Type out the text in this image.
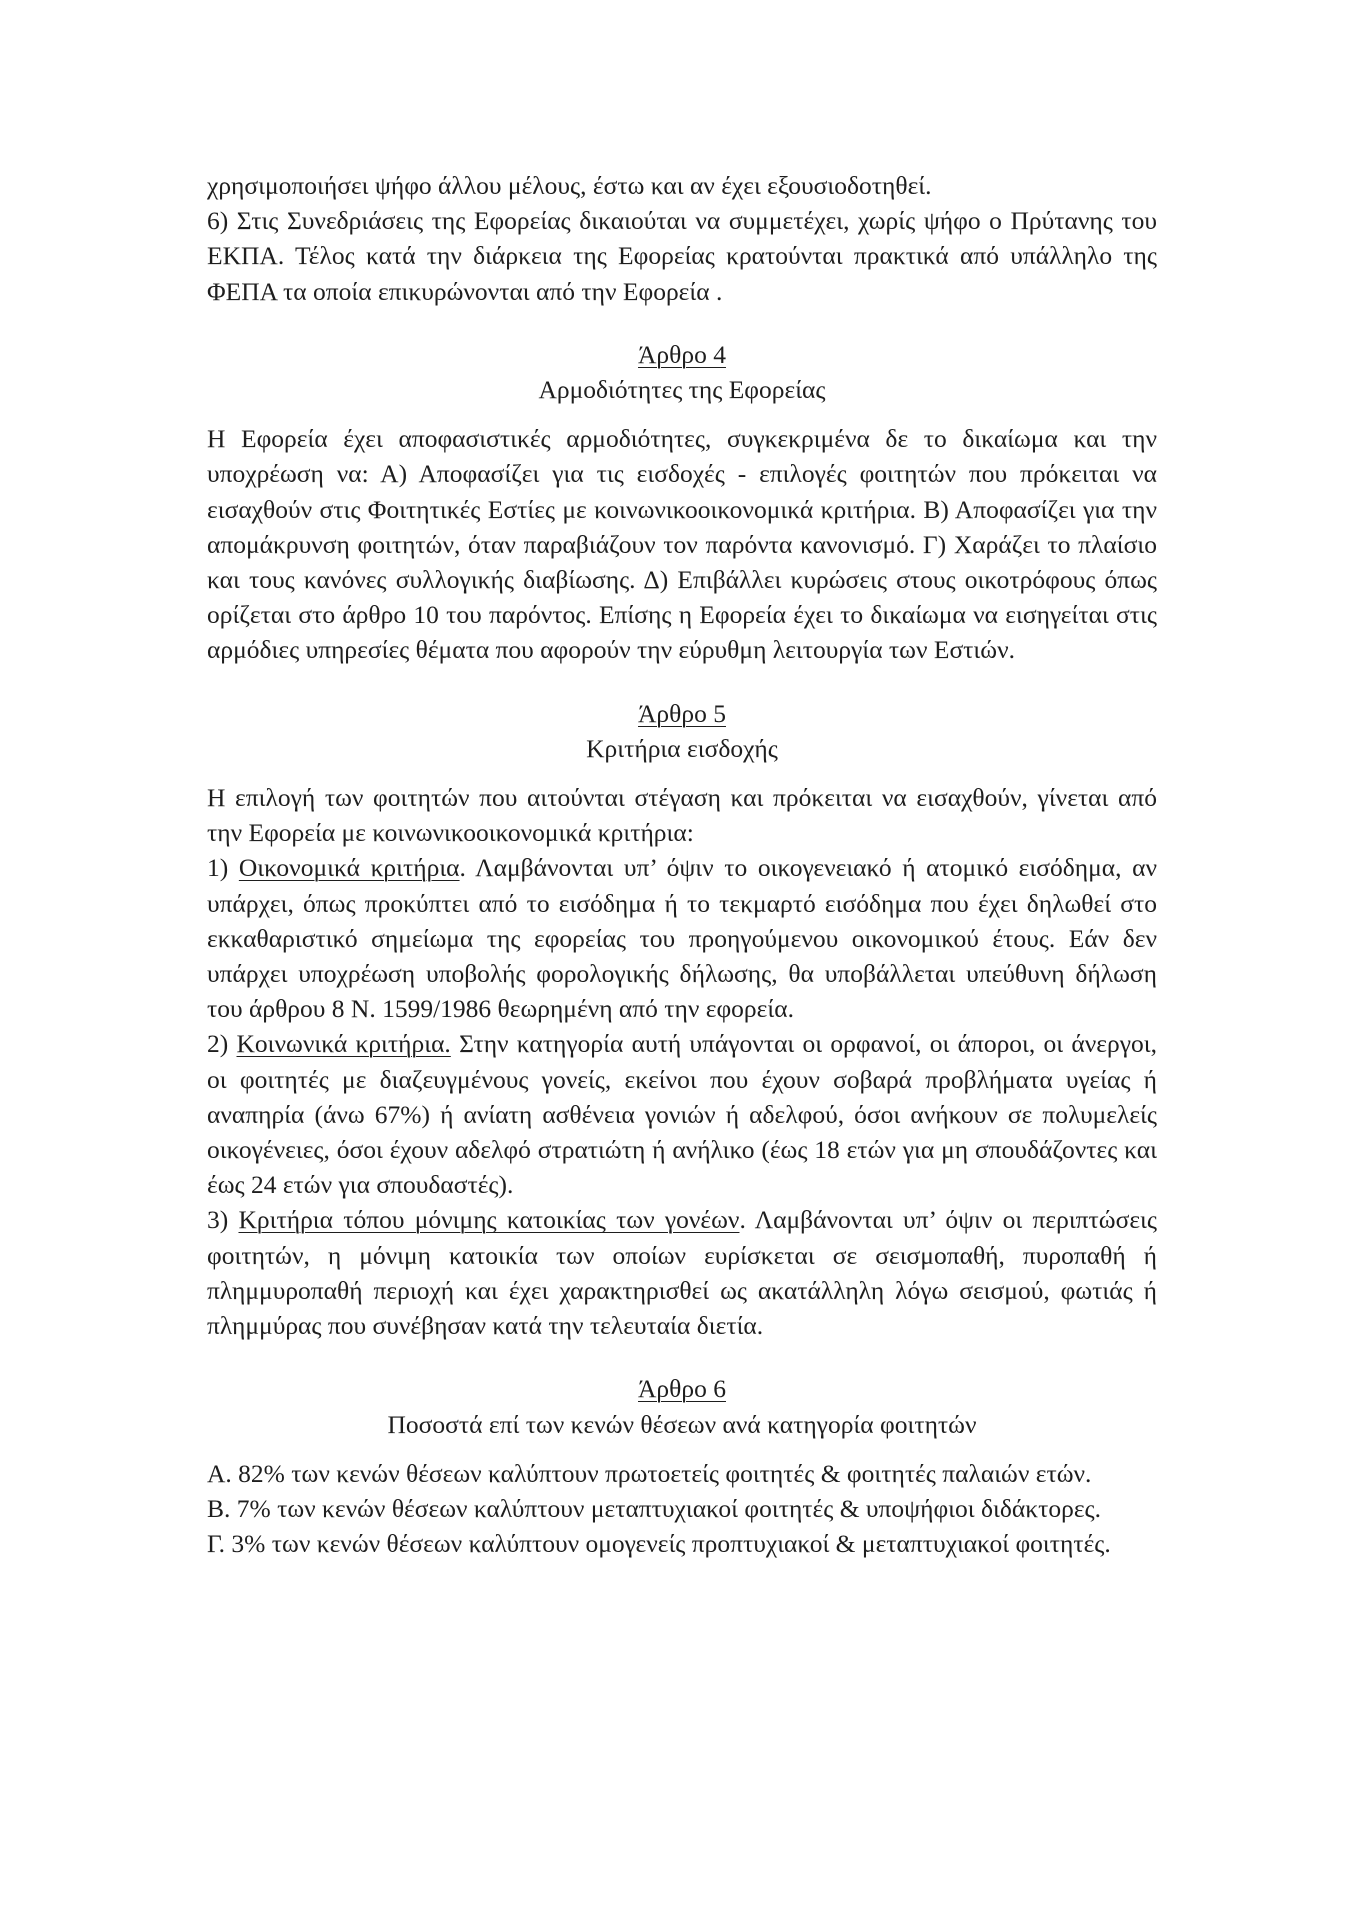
χρησιμοποιήσει ψήφο άλλου μέλους, έστω και αν έχει εξουσιοδοτηθεί.

6) Στις Συνεδριάσεις της Εφορείας δικαιούται να συμμετέχει, χωρίς ψήφο ο Πρύτανης του ΕΚΠΑ. Τέλος κατά την διάρκεια της Εφορείας κρατούνται πρακτικά από υπάλληλο της ΦΕΠΑ τα οποία επικυρώνονται από την Εφορεία .

Άρθρο 4

Αρμοδιότητες της Εφορείας

Η Εφορεία έχει αποφασιστικές αρμοδιότητες, συγκεκριμένα δε το δικαίωμα και την υποχρέωση να: Α) Αποφασίζει για τις εισδοχές - επιλογές φοιτητών που πρόκειται να εισαχθούν στις Φοιτητικές Εστίες με κοινωνικοοικονομικά κριτήρια. Β) Αποφασίζει για την απομάκρυνση φοιτητών, όταν παραβιάζουν τον παρόντα κανονισμό. Γ) Χαράζει το πλαίσιο και τους κανόνες συλλογικής διαβίωσης. Δ) Επιβάλλει κυρώσεις στους οικοτρόφους όπως ορίζεται στο άρθρο 10 του παρόντος. Επίσης η Εφορεία έχει το δικαίωμα να εισηγείται στις αρμόδιες υπηρεσίες θέματα που αφορούν την εύρυθμη λειτουργία των Εστιών.

Άρθρο 5

Κριτήρια εισδοχής

Η επιλογή των φοιτητών που αιτούνται στέγαση και πρόκειται να εισαχθούν, γίνεται από την Εφορεία με κοινωνικοοικονομικά κριτήρια:

1) Οικονομικά κριτήρια. Λαμβάνονται υπ’ όψιν το οικογενειακό ή ατομικό εισόδημα, αν υπάρχει, όπως προκύπτει από το εισόδημα ή το τεκμαρτό εισόδημα που έχει δηλωθεί στο εκκαθαριστικό σημείωμα της εφορείας του προηγούμενου οικονομικού έτους. Εάν δεν υπάρχει υποχρέωση υποβολής φορολογικής δήλωσης, θα υποβάλλεται υπεύθυνη δήλωση του άρθρου 8 Ν. 1599/1986 θεωρημένη από την εφορεία.

2) Κοινωνικά κριτήρια. Στην κατηγορία αυτή υπάγονται οι ορφανοί, οι άποροι, οι άνεργοι, οι φοιτητές με διαζευγμένους γονείς, εκείνοι που έχουν σοβαρά προβλήματα υγείας ή αναπηρία (άνω 67%) ή ανίατη ασθένεια γονιών ή αδελφού, όσοι ανήκουν σε πολυμελείς οικογένειες, όσοι έχουν αδελφό στρατιώτη ή ανήλικο (έως 18 ετών για μη σπουδάζοντες και έως 24 ετών για σπουδαστές).

3) Κριτήρια τόπου μόνιμης κατοικίας των γονέων. Λαμβάνονται υπ’ όψιν οι περιπτώσεις φοιτητών, η μόνιμη κατοικία των οποίων ευρίσκεται σε σεισμοπαθή, πυροπαθή ή πλημμυροπαθή περιοχή και έχει χαρακτηρισθεί ως ακατάλληλη λόγω σεισμού, φωτιάς ή πλημμύρας που συνέβησαν κατά την τελευταία διετία.

Άρθρο 6

Ποσοστά επί των κενών θέσεων ανά κατηγορία φοιτητών

Α. 82% των κενών θέσεων καλύπτουν πρωτοετείς φοιτητές & φοιτητές παλαιών ετών.

Β. 7% των κενών θέσεων καλύπτουν μεταπτυχιακοί φοιτητές & υποψήφιοι διδάκτορες.

Γ. 3% των κενών θέσεων καλύπτουν ομογενείς προπτυχιακοί & μεταπτυχιακοί φοιτητές.
